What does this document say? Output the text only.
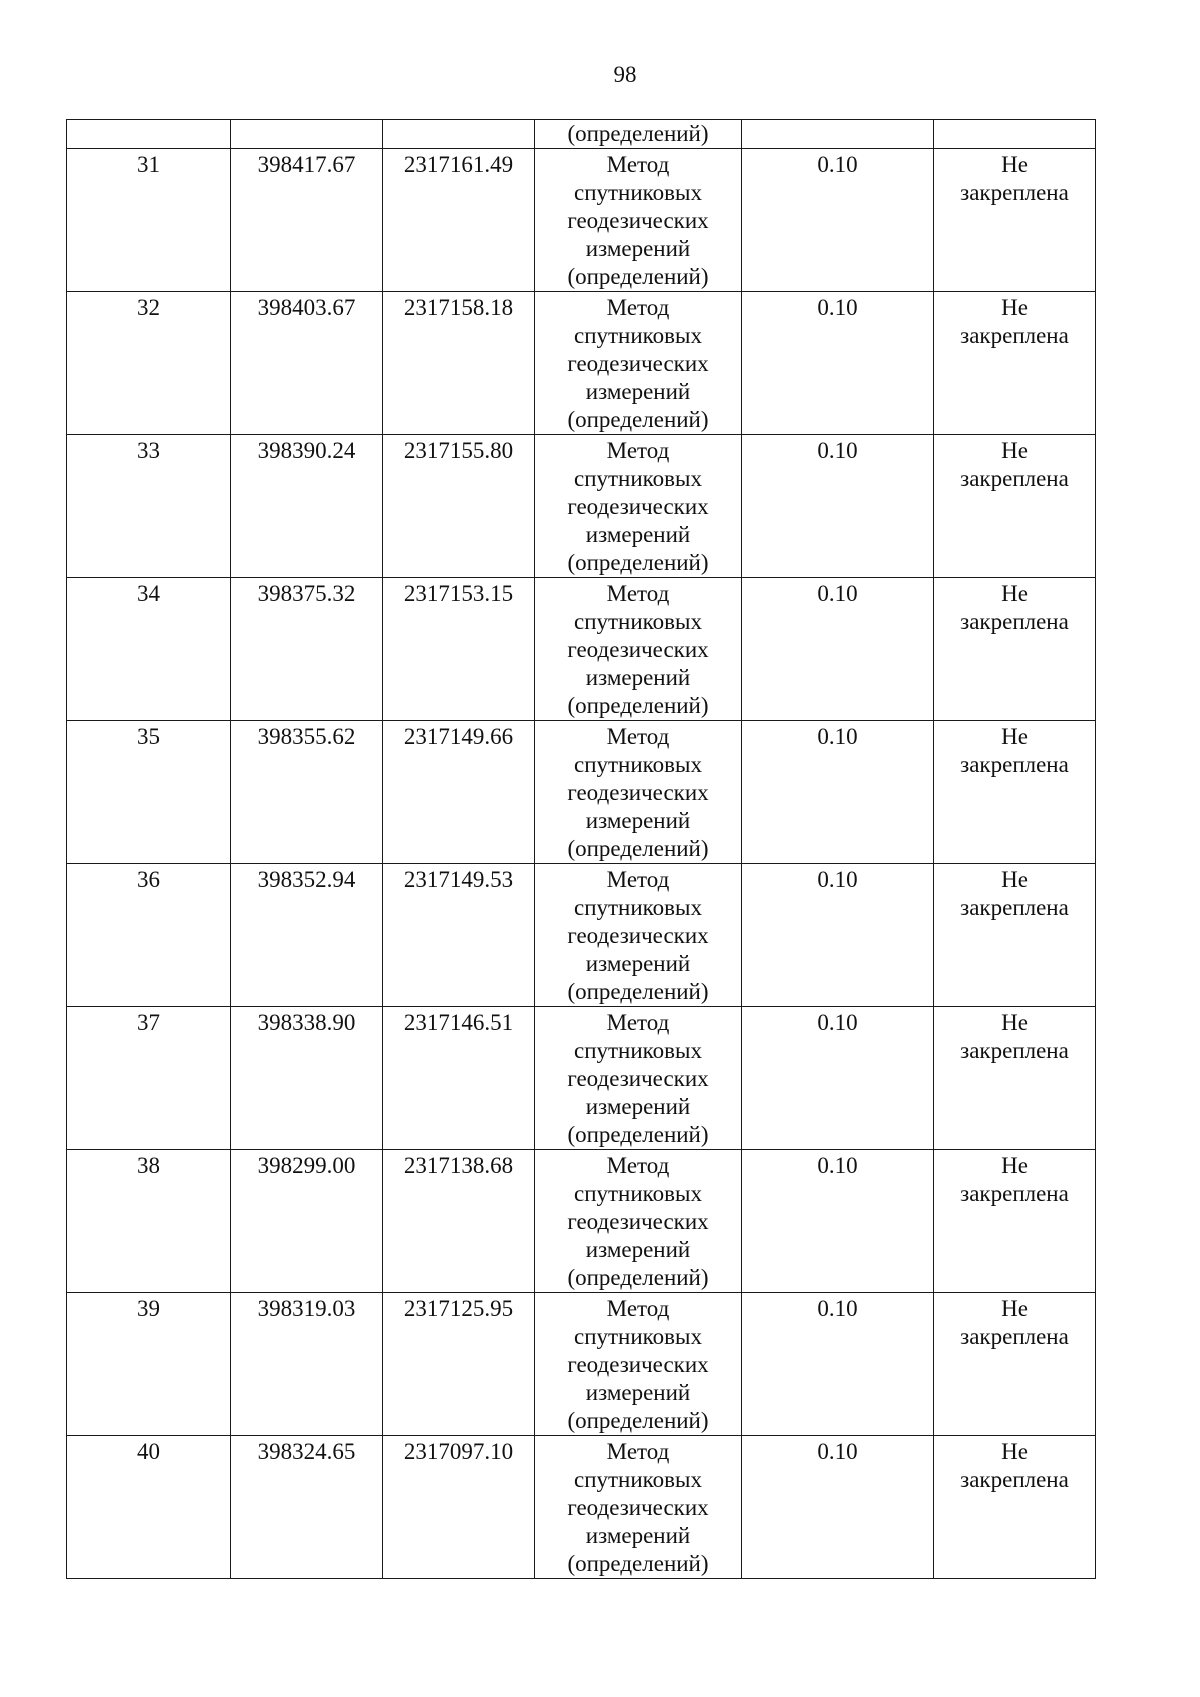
98
			(определений)		
31	398417.67	2317161.49	Метод
спутниковых
геодезических
измерений
(определений)	0.10	Не
закреплена

32	398403.67	2317158.18	Метод
спутниковых
геодезических
измерений
(определений)	0.10	Не
закреплена

33	398390.24	2317155.80	Метод
спутниковых
геодезических
измерений
(определений)	0.10	Не
закреплена

34	398375.32	2317153.15	Метод
спутниковых
геодезических
измерений
(определений)	0.10	Не
закреплена

35	398355.62	2317149.66	Метод
спутниковых
геодезических
измерений
(определений)	0.10	Не
закреплена

36	398352.94	2317149.53	Метод
спутниковых
геодезических
измерений
(определений)	0.10	Не
закреплена

37	398338.90	2317146.51	Метод
спутниковых
геодезических
измерений
(определений)	0.10	Не
закреплена

38	398299.00	2317138.68	Метод
спутниковых
геодезических
измерений
(определений)	0.10	Не
закреплена

39	398319.03	2317125.95	Метод
спутниковых
геодезических
измерений
(определений)	0.10	Не
закреплена

40	398324.65	2317097.10	Метод
спутниковых
геодезических
измерений
(определений)	0.10	Не
закреплена
